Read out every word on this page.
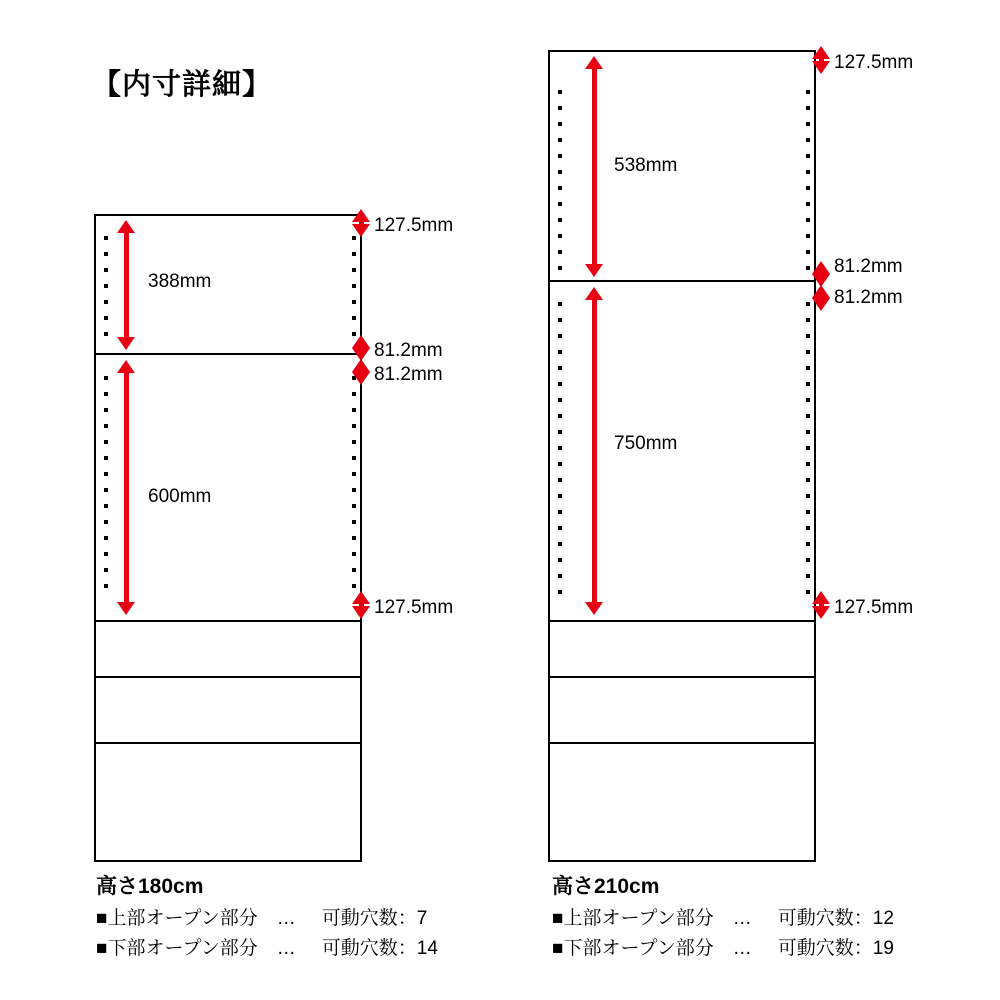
【内寸詳細】
388mm
600mm
127.5mm
81.2mm
81.2mm
127.5mm
高さ180cm
■上部オープン部分　… 可動穴数：7
■下部オープン部分　… 可動穴数：14
538mm
750mm
127.5mm
81.2mm
81.2mm
127.5mm
高さ210cm
■上部オープン部分　… 可動穴数：12
■下部オープン部分　… 可動穴数：19
